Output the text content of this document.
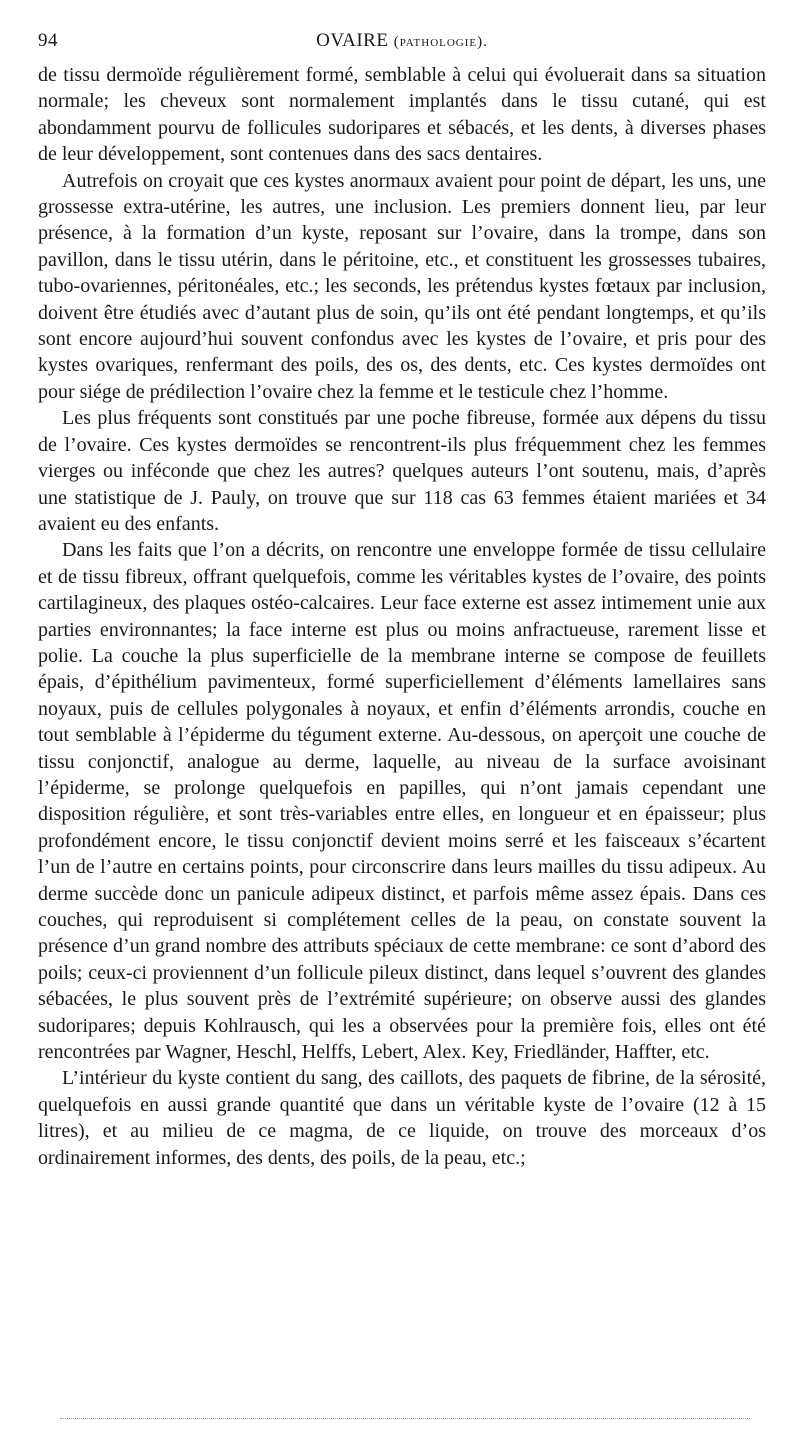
94	OVAIRE (pathologie).

de tissu dermoïde régulièrement formé, semblable à celui qui évoluerait dans sa situation normale; les cheveux sont normalement implantés dans le tissu cutané, qui est abondamment pourvu de follicules sudoripares et sébacés, et les dents, à diverses phases de leur développement, sont contenues dans des sacs dentaires.

Autrefois on croyait que ces kystes anormaux avaient pour point de départ, les uns, une grossesse extra-utérine, les autres, une inclusion. Les premiers donnent lieu, par leur présence, à la formation d’un kyste, reposant sur l’ovaire, dans la trompe, dans son pavillon, dans le tissu utérin, dans le péritoine, etc., et constituent les grossesses tubaires, tubo-ovariennes, péritonéales, etc.; les seconds, les prétendus kystes fœtaux par inclusion, doivent être étudiés avec d’autant plus de soin, qu’ils ont été pendant longtemps, et qu’ils sont encore aujourd’hui souvent confondus avec les kystes de l’ovaire, et pris pour des kystes ovariques, renfermant des poils, des os, des dents, etc. Ces kystes dermoïdes ont pour siége de prédilection l’ovaire chez la femme et le testicule chez l’homme.

Les plus fréquents sont constitués par une poche fibreuse, formée aux dépens du tissu de l’ovaire. Ces kystes dermoïdes se rencontrent-ils plus fréquemment chez les femmes vierges ou inféconde que chez les autres? quelques auteurs l’ont soutenu, mais, d’après une statistique de J. Pauly, on trouve que sur 118 cas 63 femmes étaient mariées et 34 avaient eu des enfants.

Dans les faits que l’on a décrits, on rencontre une enveloppe formée de tissu cellulaire et de tissu fibreux, offrant quelquefois, comme les véritables kystes de l’ovaire, des points cartilagineux, des plaques ostéo-calcaires. Leur face externe est assez intimement unie aux parties environnantes; la face interne est plus ou moins anfractueuse, rarement lisse et polie. La couche la plus superficielle de la membrane interne se compose de feuillets épais, d’épithélium pavimenteux, formé superficiellement d’éléments lamellaires sans noyaux, puis de cellules polygonales à noyaux, et enfin d’éléments arrondis, couche en tout semblable à l’épiderme du tégument externe. Au-dessous, on aperçoit une couche de tissu conjonctif, analogue au derme, laquelle, au niveau de la surface avoisinant l’épiderme, se prolonge quelquefois en papilles, qui n’ont jamais cependant une disposition régulière, et sont très-variables entre elles, en longueur et en épaisseur; plus profondément encore, le tissu conjonctif devient moins serré et les faisceaux s’écartent l’un de l’autre en certains points, pour circonscrire dans leurs mailles du tissu adipeux. Au derme succède donc un panicule adipeux distinct, et parfois même assez épais. Dans ces couches, qui reproduisent si complétement celles de la peau, on constate souvent la présence d’un grand nombre des attributs spéciaux de cette membrane: ce sont d’abord des poils; ceux-ci proviennent d’un follicule pileux distinct, dans lequel s’ouvrent des glandes sébacées, le plus souvent près de l’extrémité supérieure; on observe aussi des glandes sudoripares; depuis Kohlrausch, qui les a observées pour la première fois, elles ont été rencontrées par Wagner, Heschl, Helffs, Lebert, Alex. Key, Friedländer, Haffter, etc.

L’intérieur du kyste contient du sang, des caillots, des paquets de fibrine, de la sérosité, quelquefois en aussi grande quantité que dans un véritable kyste de l’ovaire (12 à 15 litres), et au milieu de ce magma, de ce liquide, on trouve des morceaux d’os ordinairement informes, des dents, des poils, de la peau, etc.;
